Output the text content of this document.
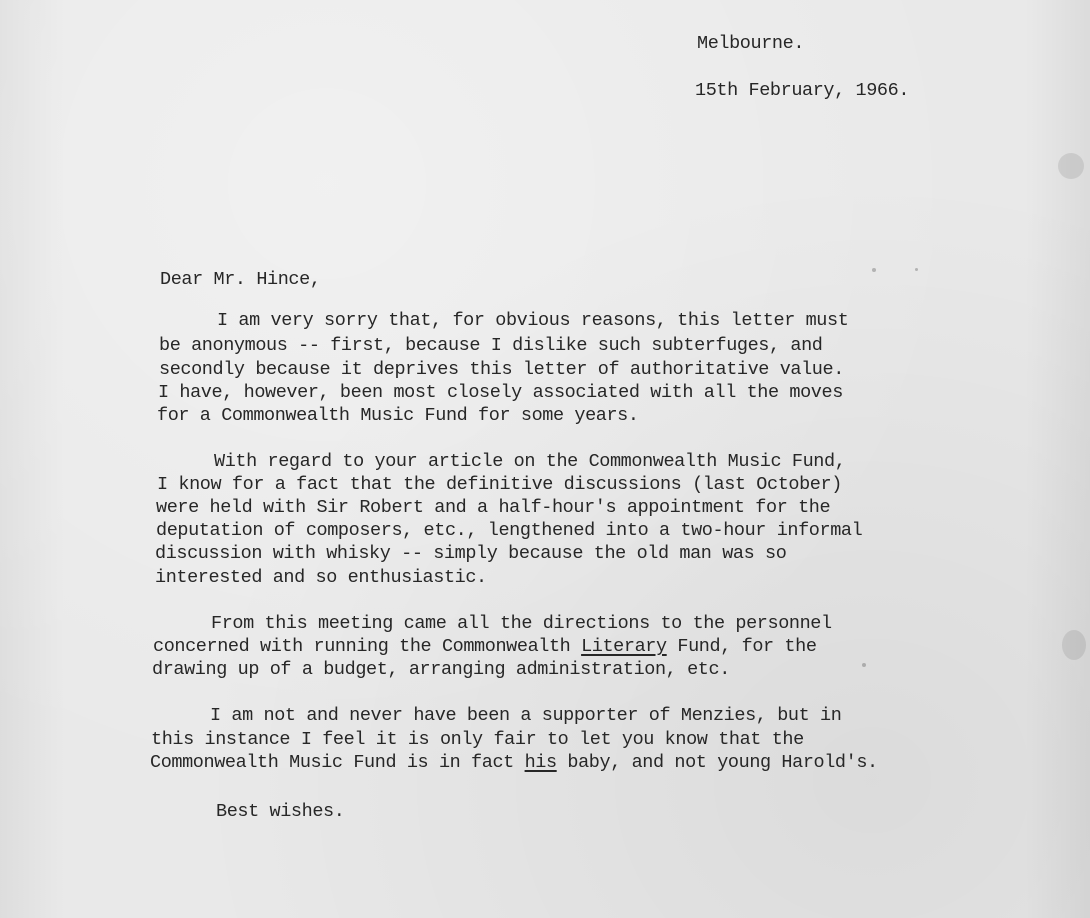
Melbourne.
15th February, 1966.
Dear Mr. Hince,
I am very sorry that, for obvious reasons, this letter must
be anonymous -- first, because I dislike such subterfuges, and
secondly because it deprives this letter of authoritative value.
I have, however, been most closely associated with all the moves
for a Commonwealth Music Fund for some years.
With regard to your article on the Commonwealth Music Fund,
I know for a fact that the definitive discussions (last October)
were held with Sir Robert and a half-hour's appointment for the
deputation of composers, etc., lengthened into a two-hour informal
discussion with whisky -- simply because the old man was so
interested and so enthusiastic.
From this meeting came all the directions to the personnel
concerned with running the Commonwealth Literary Fund, for the
drawing up of a budget, arranging administration, etc.
I am not and never have been a supporter of Menzies, but in
this instance I feel it is only fair to let you know that the
Commonwealth Music Fund is in fact his baby, and not young Harold's.
Best wishes.
